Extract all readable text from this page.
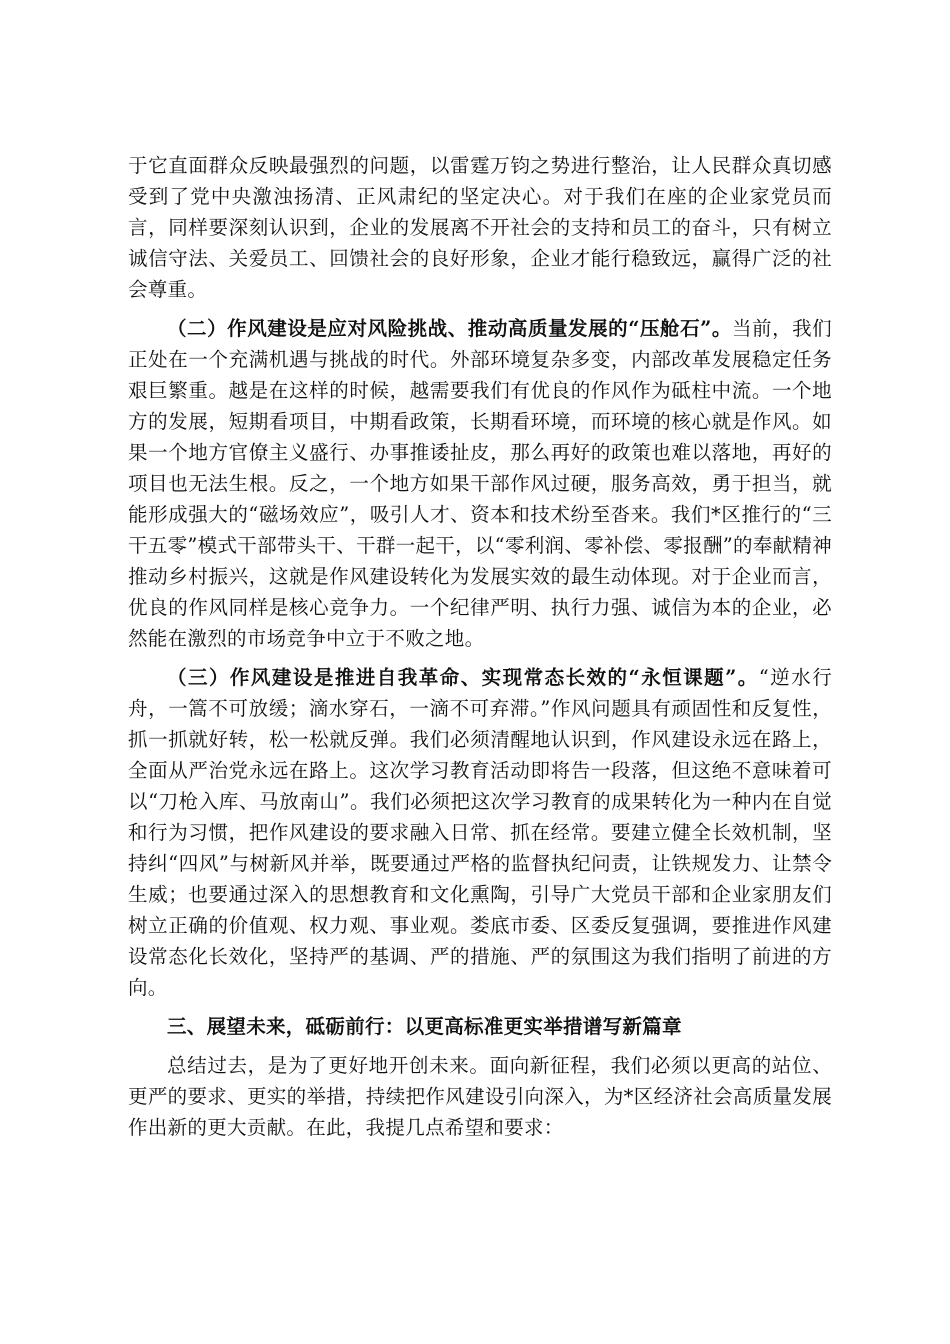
于它直面群众反映最强烈的问题，以雷霆万钧之势进行整治，让人民群众真切感受到了党中央激浊扬清、正风肃纪的坚定决心。对于我们在座的企业家党员而言，同样要深刻认识到，企业的发展离不开社会的支持和员工的奋斗，只有树立诚信守法、关爱员工、回馈社会的良好形象，企业才能行稳致远，赢得广泛的社会尊重。

（二）作风建设是应对风险挑战、推动高质量发展的“压舱石”。当前，我们正处在一个充满机遇与挑战的时代。外部环境复杂多变，内部改革发展稳定任务艰巨繁重。越是在这样的时候，越需要我们有优良的作风作为砥柱中流。一个地方的发展，短期看项目，中期看政策，长期看环境，而环境的核心就是作风。如果一个地方官僚主义盛行、办事推诿扯皮，那么再好的政策也难以落地，再好的项目也无法生根。反之，一个地方如果干部作风过硬，服务高效，勇于担当，就能形成强大的“磁场效应”，吸引人才、资本和技术纷至沓来。我们*区推行的“三干五零”模式干部带头干、干群一起干，以“零利润、零补偿、零报酬”的奉献精神推动乡村振兴，这就是作风建设转化为发展实效的最生动体现。对于企业而言，优良的作风同样是核心竞争力。一个纪律严明、执行力强、诚信为本的企业，必然能在激烈的市场竞争中立于不败之地。

（三）作风建设是推进自我革命、实现常态长效的“永恒课题”。“逆水行舟，一篙不可放缓；滴水穿石，一滴不可弃滞。”作风问题具有顽固性和反复性，抓一抓就好转，松一松就反弹。我们必须清醒地认识到，作风建设永远在路上，全面从严治党永远在路上。这次学习教育活动即将告一段落，但这绝不意味着可以“刀枪入库、马放南山”。我们必须把这次学习教育的成果转化为一种内在自觉和行为习惯，把作风建设的要求融入日常、抓在经常。要建立健全长效机制，坚持纠“四风”与树新风并举，既要通过严格的监督执纪问责，让铁规发力、让禁令生威；也要通过深入的思想教育和文化熏陶，引导广大党员干部和企业家朋友们树立正确的价值观、权力观、事业观。娄底市委、区委反复强调，要推进作风建设常态化长效化，坚持严的基调、严的措施、严的氛围这为我们指明了前进的方向。

三、展望未来，砥砺前行：以更高标准更实举措谱写新篇章

总结过去，是为了更好地开创未来。面向新征程，我们必须以更高的站位、更严的要求、更实的举措，持续把作风建设引向深入，为*区经济社会高质量发展作出新的更大贡献。在此，我提几点希望和要求：
